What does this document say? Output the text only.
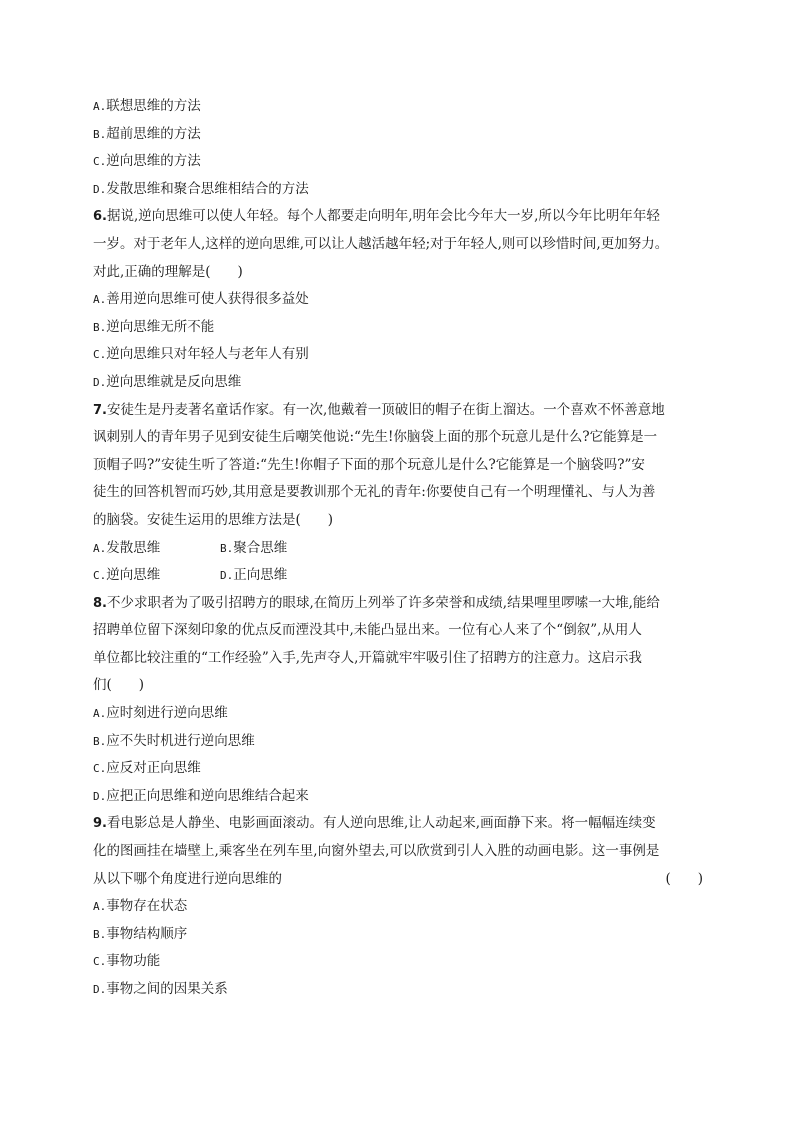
A.联想思维的方法
B.超前思维的方法
C.逆向思维的方法
D.发散思维和聚合思维相结合的方法
6.据说,逆向思维可以使人年轻。每个人都要走向明年,明年会比今年大一岁,所以今年比明年年轻
一岁。对于老年人,这样的逆向思维,可以让人越活越年轻;对于年轻人,则可以珍惜时间,更加努力。
对此,正确的理解是(　　)
A.善用逆向思维可使人获得很多益处
B.逆向思维无所不能
C.逆向思维只对年轻人与老年人有别
D.逆向思维就是反向思维
7.安徒生是丹麦著名童话作家。有一次,他戴着一顶破旧的帽子在街上溜达。一个喜欢不怀善意地
讽刺别人的青年男子见到安徒生后嘲笑他说:“先生!你脑袋上面的那个玩意儿是什么?它能算是一
顶帽子吗?”安徒生听了答道:“先生!你帽子下面的那个玩意儿是什么?它能算是一个脑袋吗?”安
徒生的回答机智而巧妙,其用意是要教训那个无礼的青年:你要使自己有一个明理懂礼、与人为善
的脑袋。安徒生运用的思维方法是(　　)
A.发散思维	B.聚合思维
C.逆向思维	D.正向思维
8.不少求职者为了吸引招聘方的眼球,在简历上列举了许多荣誉和成绩,结果哩里啰嗦一大堆,能给
招聘单位留下深刻印象的优点反而湮没其中,未能凸显出来。一位有心人来了个“倒叙”,从用人
单位都比较注重的“工作经验”入手,先声夺人,开篇就牢牢吸引住了招聘方的注意力。这启示我
们(　　)
A.应时刻进行逆向思维
B.应不失时机进行逆向思维
C.应反对正向思维
D.应把正向思维和逆向思维结合起来
9.看电影总是人静坐、电影画面滚动。有人逆向思维,让人动起来,画面静下来。将一幅幅连续变
化的图画挂在墙壁上,乘客坐在列车里,向窗外望去,可以欣赏到引人入胜的动画电影。这一事例是
从以下哪个角度进行逆向思维的	(　　)
A.事物存在状态
B.事物结构顺序
C.事物功能
D.事物之间的因果关系
